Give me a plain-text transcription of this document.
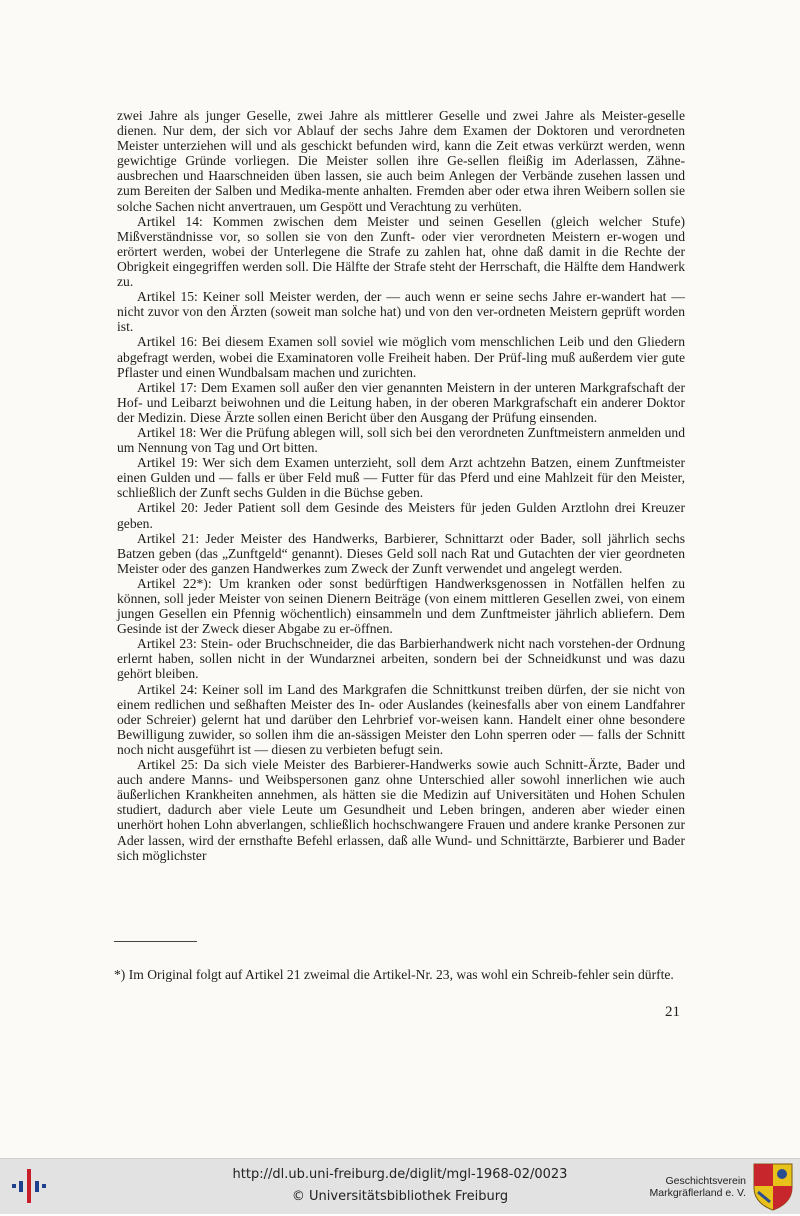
zwei Jahre als junger Geselle, zwei Jahre als mittlerer Geselle und zwei Jahre als Meister-geselle dienen. Nur dem, der sich vor Ablauf der sechs Jahre dem Examen der Doktoren und verordneten Meister unterziehen will und als geschickt befunden wird, kann die Zeit etwas verkürzt werden, wenn gewichtige Gründe vorliegen. Die Meister sollen ihre Ge-sellen fleißig im Aderlassen, Zähne-ausbrechen und Haarschneiden üben lassen, sie auch beim Anlegen der Verbände zusehen lassen und zum Bereiten der Salben und Medika-mente anhalten. Fremden aber oder etwa ihren Weibern sollen sie solche Sachen nicht anvertrauen, um Gespött und Verachtung zu verhüten.

Artikel 14: Kommen zwischen dem Meister und seinen Gesellen (gleich welcher Stufe) Mißverständnisse vor, so sollen sie von den Zunft- oder vier verordneten Meistern er-wogen und erörtert werden, wobei der Unterlegene die Strafe zu zahlen hat, ohne daß damit in die Rechte der Obrigkeit eingegriffen werden soll. Die Hälfte der Strafe steht der Herrschaft, die Hälfte dem Handwerk zu.

Artikel 15: Keiner soll Meister werden, der — auch wenn er seine sechs Jahre er-wandert hat — nicht zuvor von den Ärzten (soweit man solche hat) und von den ver-ordneten Meistern geprüft worden ist.

Artikel 16: Bei diesem Examen soll soviel wie möglich vom menschlichen Leib und den Gliedern abgefragt werden, wobei die Examinatoren volle Freiheit haben. Der Prüf-ling muß außerdem vier gute Pflaster und einen Wundbalsam machen und zurichten.

Artikel 17: Dem Examen soll außer den vier genannten Meistern in der unteren Markgrafschaft der Hof- und Leibarzt beiwohnen und die Leitung haben, in der oberen Markgrafschaft ein anderer Doktor der Medizin. Diese Ärzte sollen einen Bericht über den Ausgang der Prüfung einsenden.

Artikel 18: Wer die Prüfung ablegen will, soll sich bei den verordneten Zunftmeistern anmelden und um Nennung von Tag und Ort bitten.

Artikel 19: Wer sich dem Examen unterzieht, soll dem Arzt achtzehn Batzen, einem Zunftmeister einen Gulden und — falls er über Feld muß — Futter für das Pferd und eine Mahlzeit für den Meister, schließlich der Zunft sechs Gulden in die Büchse geben.

Artikel 20: Jeder Patient soll dem Gesinde des Meisters für jeden Gulden Arztlohn drei Kreuzer geben.

Artikel 21: Jeder Meister des Handwerks, Barbierer, Schnittarzt oder Bader, soll jährlich sechs Batzen geben (das „Zunftgeld“ genannt). Dieses Geld soll nach Rat und Gutachten der vier geordneten Meister oder des ganzen Handwerkes zum Zweck der Zunft verwendet und angelegt werden.

Artikel 22*): Um kranken oder sonst bedürftigen Handwerksgenossen in Notfällen helfen zu können, soll jeder Meister von seinen Dienern Beiträge (von einem mittleren Gesellen zwei, von einem jungen Gesellen ein Pfennig wöchentlich) einsammeln und dem Zunftmeister jährlich abliefern. Dem Gesinde ist der Zweck dieser Abgabe zu er-öffnen.

Artikel 23: Stein- oder Bruchschneider, die das Barbierhandwerk nicht nach vorstehen-der Ordnung erlernt haben, sollen nicht in der Wundarznei arbeiten, sondern bei der Schneidkunst und was dazu gehört bleiben.

Artikel 24: Keiner soll im Land des Markgrafen die Schnittkunst treiben dürfen, der sie nicht von einem redlichen und seßhaften Meister des In- oder Auslandes (keinesfalls aber von einem Landfahrer oder Schreier) gelernt hat und darüber den Lehrbrief vor-weisen kann. Handelt einer ohne besondere Bewilligung zuwider, so sollen ihm die an-sässigen Meister den Lohn sperren oder — falls der Schnitt noch nicht ausgeführt ist — diesen zu verbieten befugt sein.

Artikel 25: Da sich viele Meister des Barbierer-Handwerks sowie auch Schnitt-Ärzte, Bader und auch andere Manns- und Weibspersonen ganz ohne Unterschied aller sowohl innerlichen wie auch äußerlichen Krankheiten annehmen, als hätten sie die Medizin auf Universitäten und Hohen Schulen studiert, dadurch aber viele Leute um Gesundheit und Leben bringen, anderen aber wieder einen unerhört hohen Lohn abverlangen, schließlich hochschwangere Frauen und andere kranke Personen zur Ader lassen, wird der ernsthafte Befehl erlassen, daß alle Wund- und Schnittärzte, Barbierer und Bader sich möglichster

*) Im Original folgt auf Artikel 21 zweimal die Artikel-Nr. 23, was wohl ein Schreib-fehler sein dürfte.

21
http://dl.ub.uni-freiburg.de/diglit/mgl-1968-02/0023
© Universitätsbibliothek Freiburg
Geschichtsverein
Markgräflerland e. V.
